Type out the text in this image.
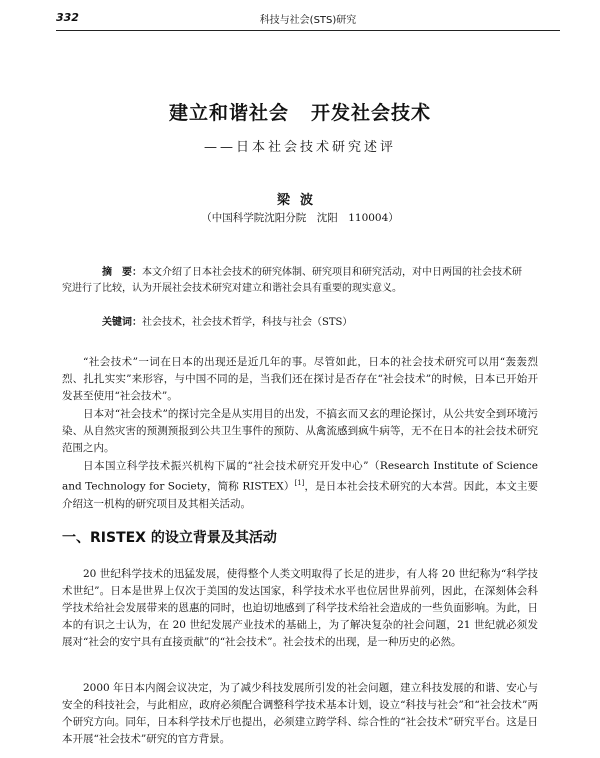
332	科技与社会(STS)研究
建立和谐社会 开发社会技术
——日本社会技术研究述评
梁波
（中国科学院沈阳分院　沈阳　110004）
摘　要：本文介绍了日本社会技术的研究体制、研究项目和研究活动，对中日两国的社会技术研究进行了比较，认为开展社会技术研究对建立和谐社会具有重要的现实意义。
关键词：社会技术，社会技术哲学，科技与社会（STS）
“社会技术”一词在日本的出现还是近几年的事。尽管如此，日本的社会技术研究可以用“轰轰烈烈、扎扎实实”来形容，与中国不同的是，当我们还在探讨是否存在“社会技术”的时候，日本已开始开发甚至使用“社会技术”。
日本对“社会技术”的探讨完全是从实用目的出发，不搞玄而又玄的理论探讨，从公共安全到环境污染、从自然灾害的预测预报到公共卫生事件的预防、从禽流感到疯牛病等，无不在日本的社会技术研究范围之内。
日本国立科学技术振兴机构下属的“社会技术研究开发中心”（Research Institute of Science and Technology for Society，简称 RISTEX）[1]，是日本社会技术研究的大本营。因此，本文主要介绍这一机构的研究项目及其相关活动。
一、RISTEX 的设立背景及其活动
20 世纪科学技术的迅猛发展，使得整个人类文明取得了长足的进步，有人将 20 世纪称为“科学技术世纪”。日本是世界上仅次于美国的发达国家，科学技术水平也位居世界前列，因此，在深刻体会科学技术给社会发展带来的恩惠的同时，也迫切地感到了科学技术给社会造成的一些负面影响。为此，日本的有识之士认为，在 20 世纪发展产业技术的基础上，为了解决复杂的社会问题，21 世纪就必须发展对“社会的安宁具有直接贡献”的“社会技术”。社会技术的出现，是一种历史的必然。
2000 年日本内阁会议决定，为了减少科技发展所引发的社会问题，建立科技发展的和谐、安心与安全的科技社会，与此相应，政府必须配合调整科学技术基本计划，设立“科技与社会”和“社会技术”两个研究方向。同年，日本科学技术厅也提出，必须建立跨学科、综合性的“社会技术”研究平台。这是日本开展“社会技术”研究的官方背景。
